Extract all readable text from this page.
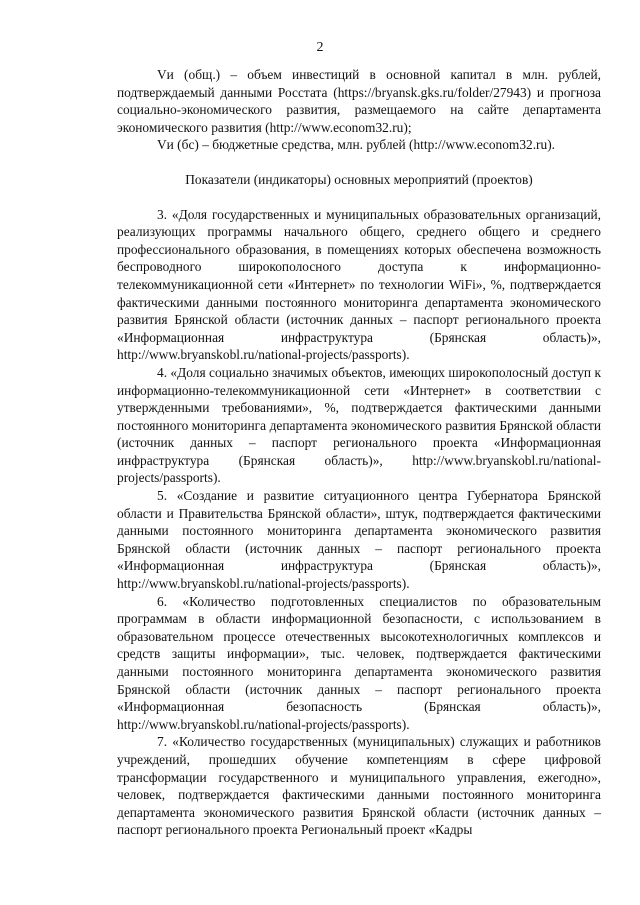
2

Vи (общ.) – объем инвестиций в основной капитал в млн. рублей, подтверждаемый данными Росстата (https://bryansk.gks.ru/folder/27943) и прогноза социально-экономического развития, размещаемого на сайте департамента экономического развития (http://www.econom32.ru);

Vи (бс) – бюджетные средства, млн. рублей (http://www.econom32.ru).

Показатели (индикаторы) основных мероприятий (проектов)

3. «Доля государственных и муниципальных образовательных организаций, реализующих программы начального общего, среднего общего и среднего профессионального образования, в помещениях которых обеспечена возможность беспроводного широкополосного доступа к информационно-телекоммуникационной сети «Интернет» по технологии WiFi», %, подтверждается фактическими данными постоянного мониторинга департамента экономического развития Брянской области (источник данных – паспорт регионального проекта «Информационная инфраструктура (Брянская область)», http://www.bryanskobl.ru/national-projects/passports).

4. «Доля социально значимых объектов, имеющих широкополосный доступ к информационно-телекоммуникационной сети «Интернет» в соответствии с утвержденными требованиями», %, подтверждается фактическими данными постоянного мониторинга департамента экономического развития Брянской области (источник данных – паспорт регионального проекта «Информационная инфраструктура (Брянская область)», http://www.bryanskobl.ru/national-projects/passports).

5. «Создание и развитие ситуационного центра Губернатора Брянской области и Правительства Брянской области», штук, подтверждается фактическими данными постоянного мониторинга департамента экономического развития Брянской области (источник данных – паспорт регионального проекта «Информационная инфраструктура (Брянская область)», http://www.bryanskobl.ru/national-projects/passports).

6. «Количество подготовленных специалистов по образовательным программам в области информационной безопасности, с использованием в образовательном процессе отечественных высокотехнологичных комплексов и средств защиты информации», тыс. человек, подтверждается фактическими данными постоянного мониторинга департамента экономического развития Брянской области (источник данных – паспорт регионального проекта «Информационная безопасность (Брянская область)», http://www.bryanskobl.ru/national-projects/passports).

7. «Количество государственных (муниципальных) служащих и работников учреждений, прошедших обучение компетенциям в сфере цифровой трансформации государственного и муниципального управления, ежегодно», человек, подтверждается фактическими данными постоянного мониторинга департамента экономического развития Брянской области (источник данных – паспорт регионального проекта Региональный проект «Кадры
